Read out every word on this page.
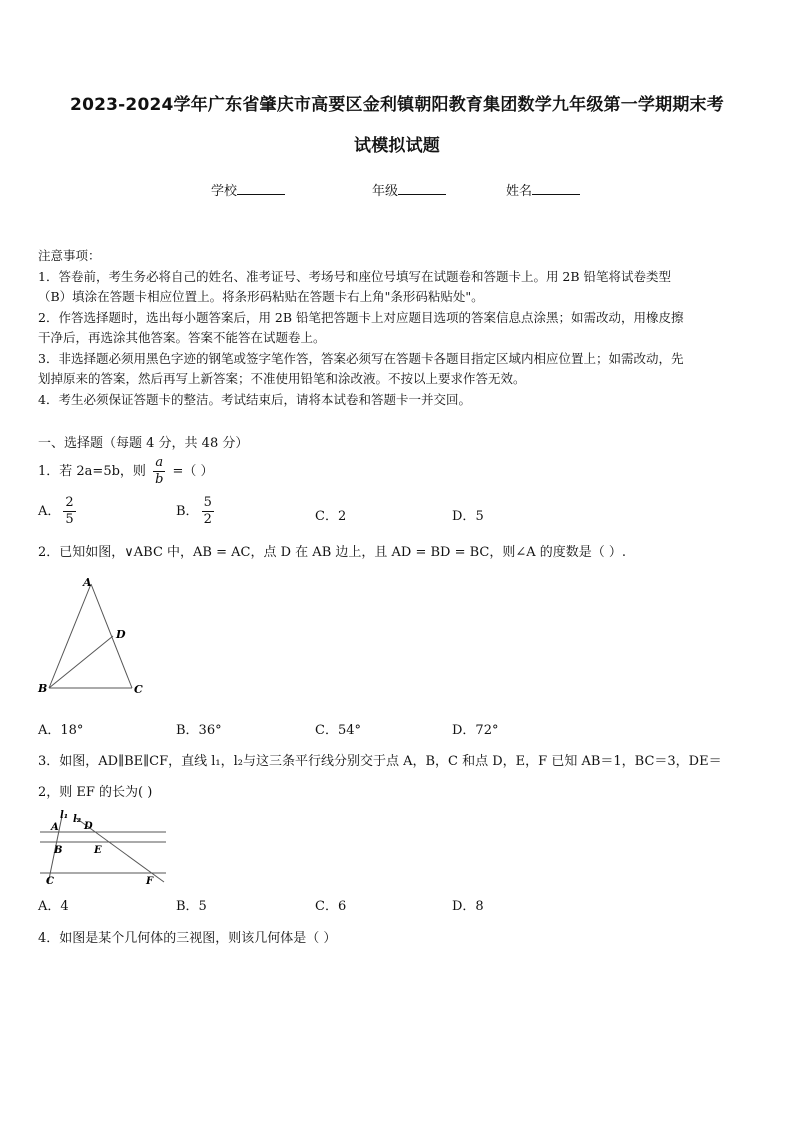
2023-2024学年广东省肇庆市高要区金利镇朝阳教育集团数学九年级第一学期期末考
试模拟试题
学校	年级	姓名

注意事项：

1．答卷前，考生务必将自己的姓名、准考证号、考场号和座位号填写在试题卷和答题卡上。用 2B 铅笔将试卷类型

（B）填涂在答题卡相应位置上。将条形码粘贴在答题卡右上角"条形码粘贴处"。

2．作答选择题时，选出每小题答案后，用 2B 铅笔把答题卡上对应题目选项的答案信息点涂黑；如需改动，用橡皮擦

干净后，再选涂其他答案。答案不能答在试题卷上。

3．非选择题必须用黑色字迹的钢笔或签字笔作答，答案必须写在答题卡各题目指定区域内相应位置上；如需改动，先

划掉原来的答案，然后再写上新答案；不准使用铅笔和涂改液。不按以上要求作答无效。

4．考生必须保证答题卡的整洁。考试结束后，请将本试卷和答题卡一并交回。

一、选择题（每题 4 分，共 48 分）
1．若 2a=5b，则 $\frac{a}{b}$ =（ ）
A． $\frac{2}{5}$	B． $\frac{5}{2}$	C．2	D．5
2．已知如图，∨ABC 中，AB = AC，点 D 在 AB 边上，且 AD = BD = BC，则∠A 的度数是（ ）.
A
D
B	C
A．18°	B．36°	C．54°	D．72°
3．如图，AD∥BE∥CF，直线 l₁，l₂与这三条平行线分别交于点 A，B，C 和点 D，E，F 已知 AB＝1，BC＝3，DE＝
2，则 EF 的长为( )
l₁ l₂
A	D
B	E
C	F
A．4	B．5	C．6	D．8
4．如图是某个几何体的三视图，则该几何体是（ ）
